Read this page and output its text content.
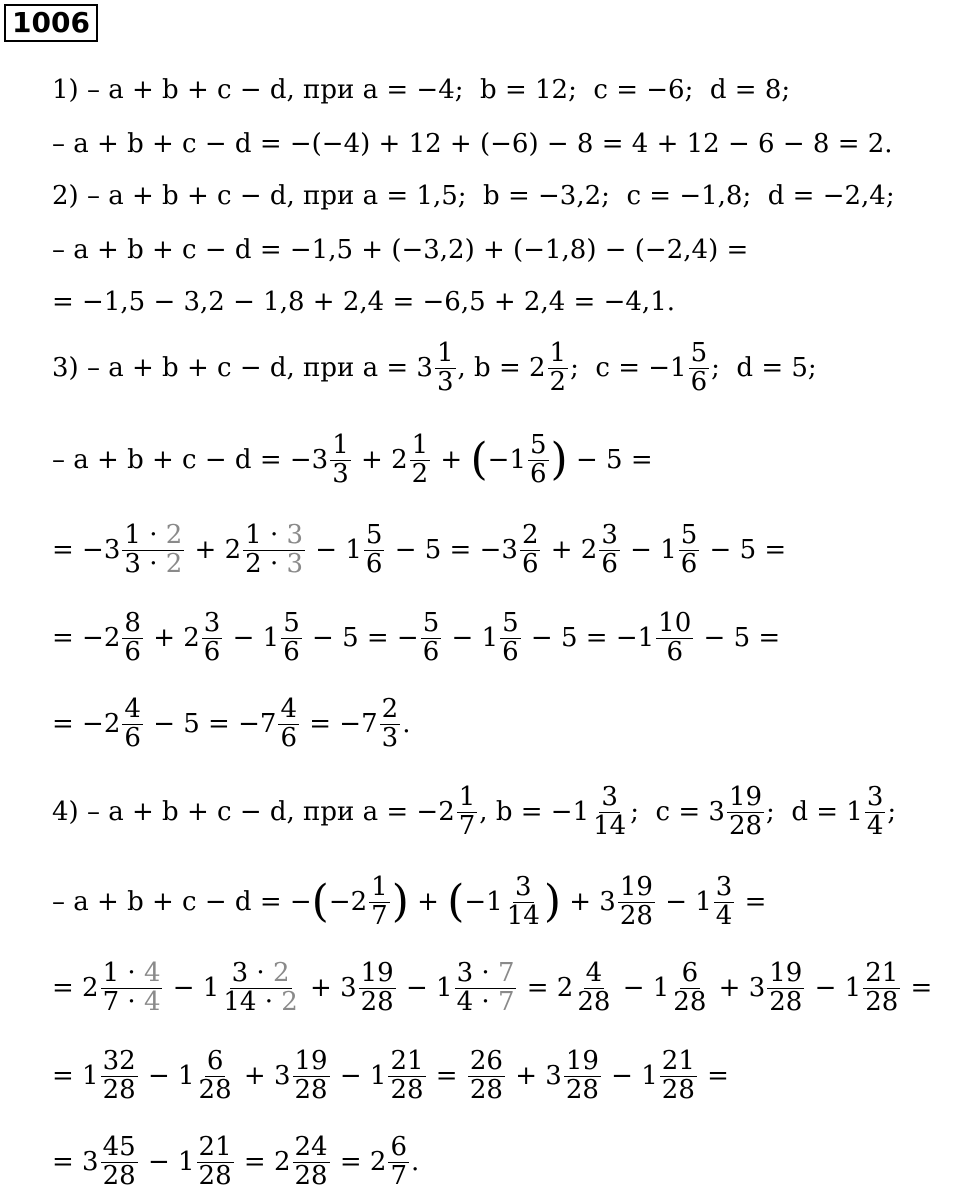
1006
1) – a + b + c − d, при a = −4;  b = 12;  c = −6;  d = 8;
– a + b + c − d = −(−4) + 12 + (−6) − 8 = 4 + 12 − 6 − 8 = 2.
2) – a + b + c − d, при a = 1,5;  b = −3,2;  c = −1,8;  d = −2,4;
– a + b + c − d = −1,5 + (−3,2) + (−1,8) − (−2,4) =
= −1,5 − 3,2 − 1,8 + 2,4 = −6,5 + 2,4 = −4,1.
3) – a + b + c − d, при $a = 3 \frac{1}{3}$ , $b = 2 \frac{1}{2}$ ;  $c = -1 \frac{5}{6}$ ;  d = 5;
– $a + b + c - d = -3 \frac{1}{3} + 2 \frac{1}{2}$ + ( $-1 \frac{5}{6}$ ) − 5 =
= $-3 \frac{1 \cdot 2}{3 \cdot 2} + 2 \frac{1 \cdot 3}{2 \cdot 3} - 1 \frac{5}{6} - 5 = -3 \frac{2}{6} + 2 \frac{3}{6} - 1 \frac{5}{6} - 5$ =
= $-2 \frac{8}{6} + 2 \frac{3}{6} - 1 \frac{5}{6} - 5$ = − $\frac{5}{6} - 1 \frac{5}{6} - 5 = -1 \frac{10}{6} - 5$ =
= $-2 \frac{4}{6} - 5 = -7 \frac{4}{6} = -7 \frac{2}{3}$ .
4) – a + b + c − d, при $a = -2 \frac{1}{7}$ , $b = -1 \frac{3}{14}$ ;  $c = 3 \frac{19}{28}$ ;  $d = 1 \frac{3}{4}$ ;
– a + b + c − d = − ( $-2 \frac{1}{7}$ ) + ( $-1 \frac{3}{14}$ ) + $3 \frac{19}{28} - 1 \frac{3}{4}$ =
= $2 \frac{1 \cdot 4}{7 \cdot 4} - 1 \frac{3 \cdot 2}{14 \cdot 2} + 3 \frac{19}{28} - 1 \frac{3 \cdot 7}{4 \cdot 7} = 2 \frac{4}{28} - 1 \frac{6}{28} + 3 \frac{19}{28} - 1 \frac{21}{28}$ =
= $1 \frac{32}{28} - 1 \frac{6}{28} + 3 \frac{19}{28} - 1 \frac{21}{28} = \frac{26}{28} + 3 \frac{19}{28} - 1 \frac{21}{28}$ =
= $3 \frac{45}{28} - 1 \frac{21}{28} = 2 \frac{24}{28} = 2 \frac{6}{7}$ .
